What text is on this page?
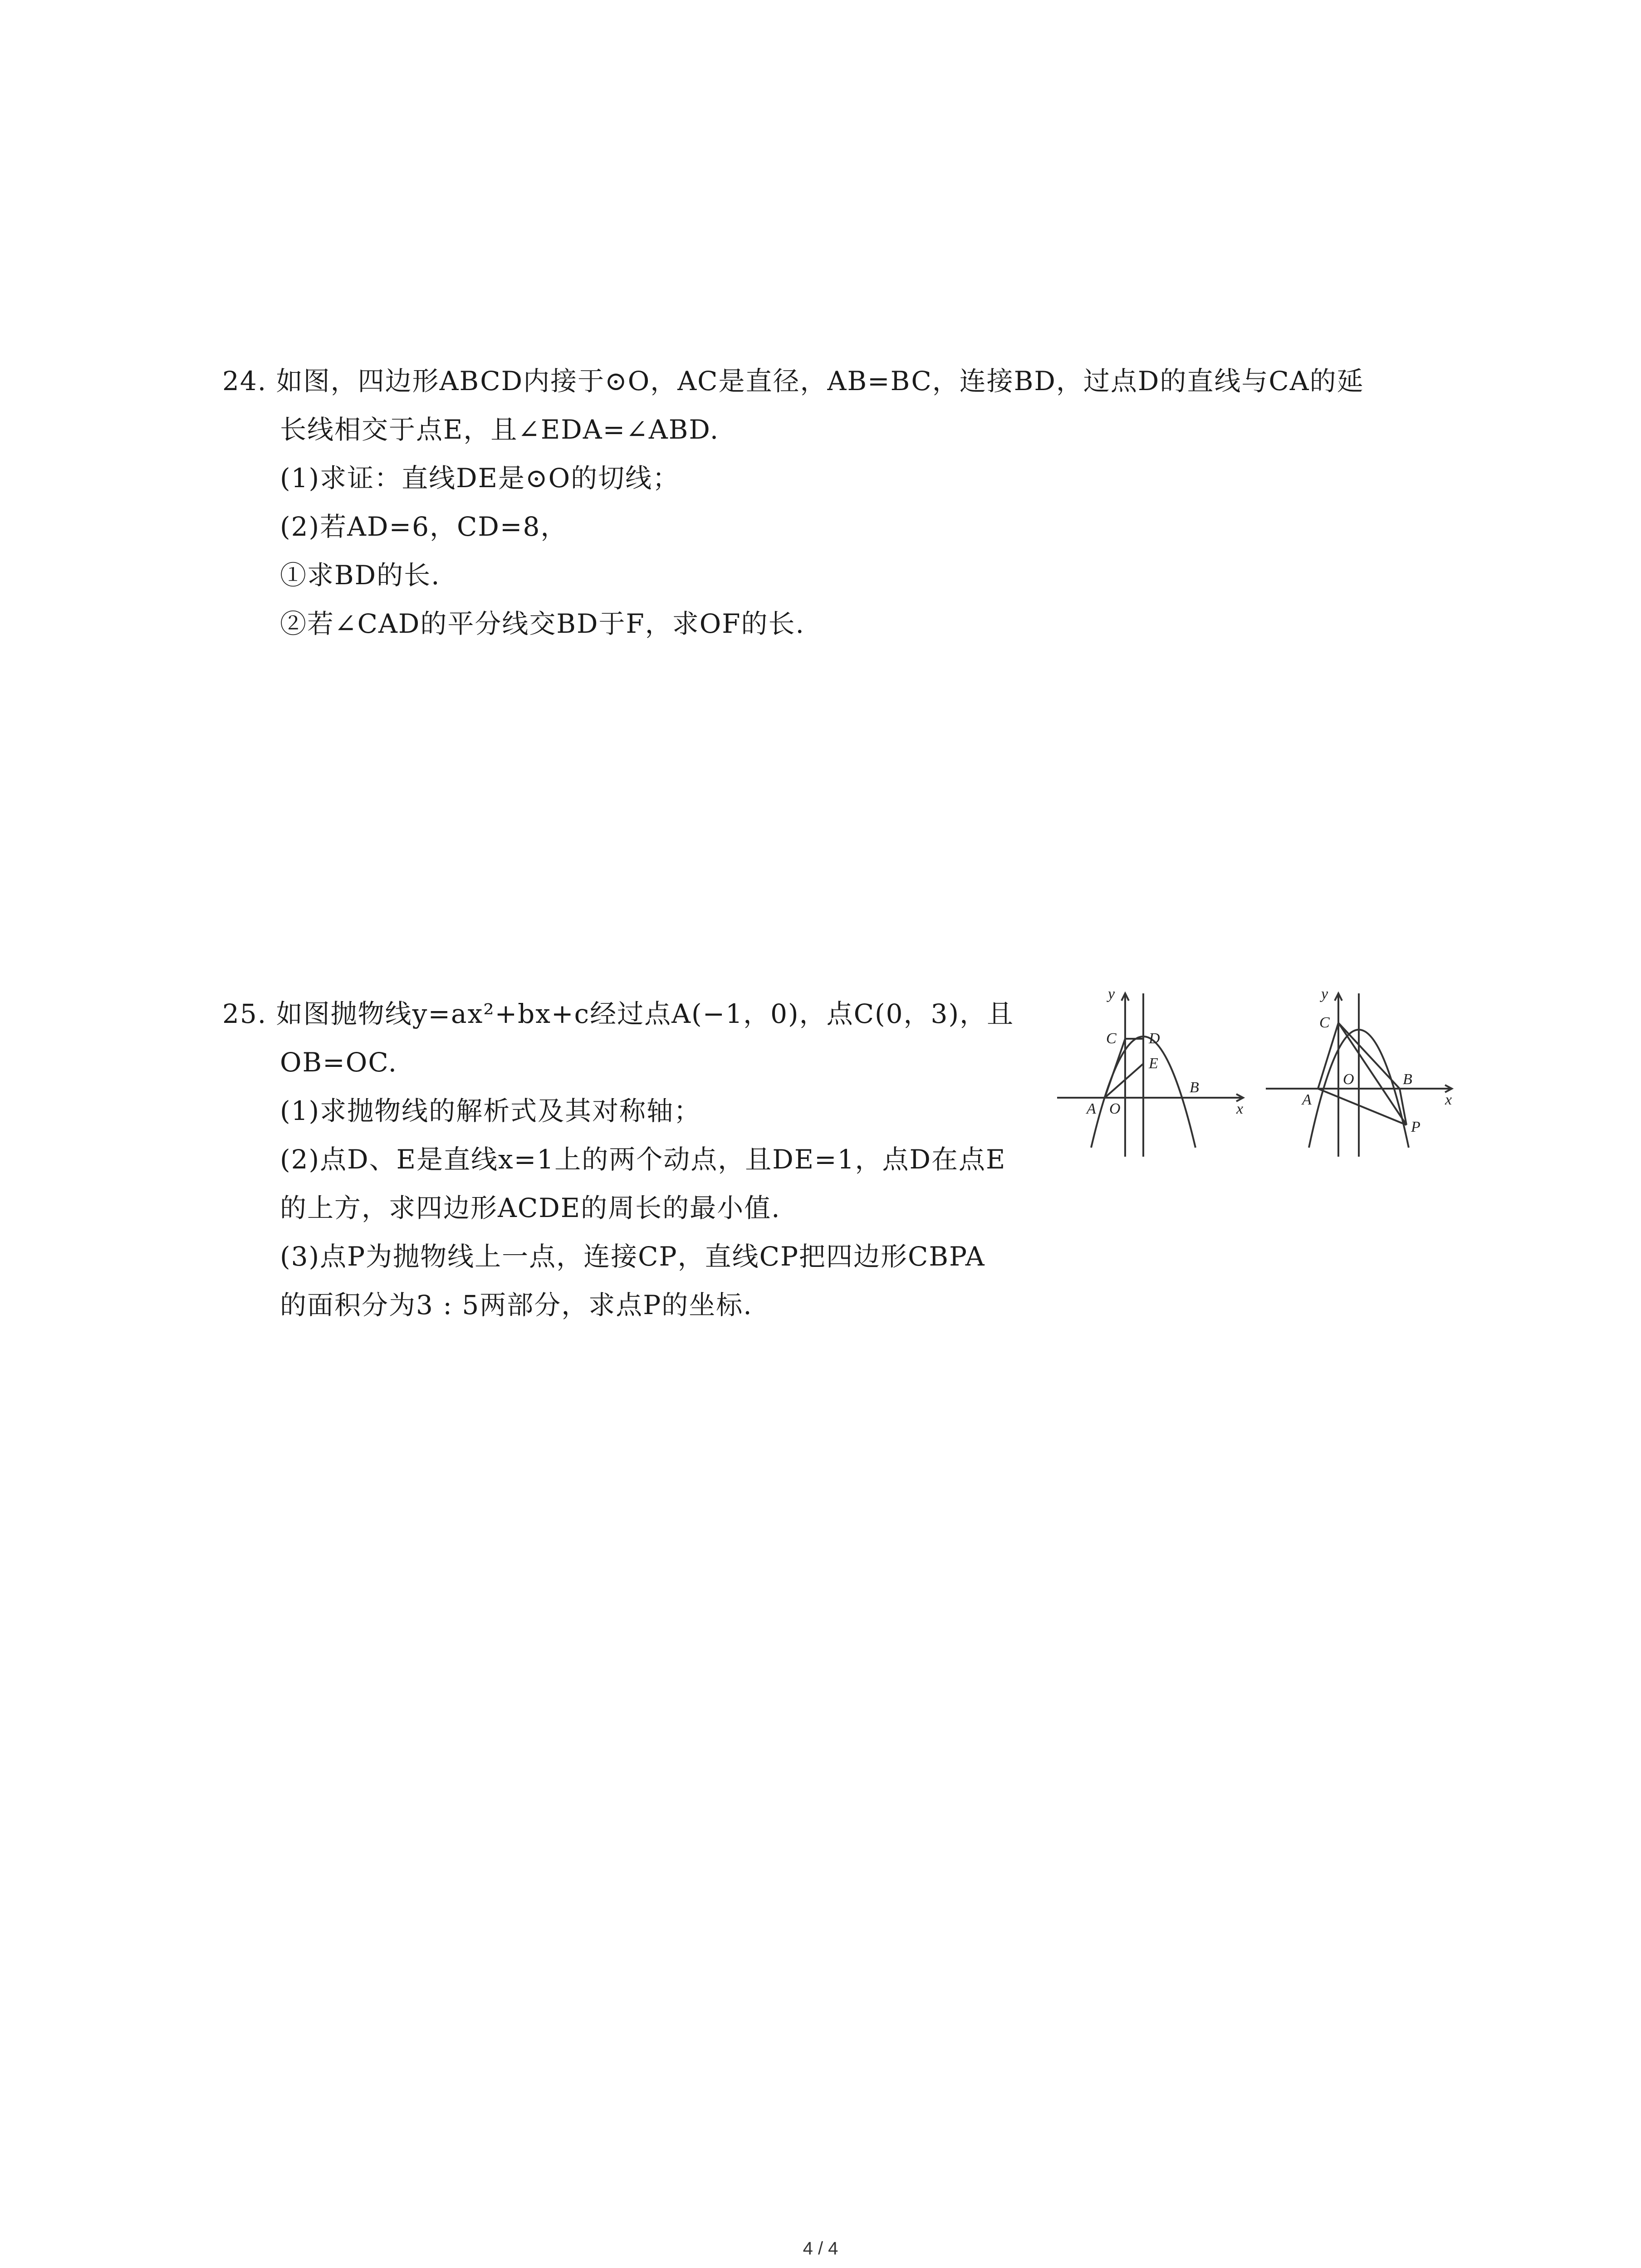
24. 如图，四边形ABCD内接于⊙O，AC是直径，AB=BC，连接BD，过点D的直线与CA的延
长线相交于点E，且∠EDA=∠ABD.
(1)求证：直线DE是⊙O的切线；
(2)若AD=6，CD=8，
①求BD的长.
②若∠CAD的平分线交BD于F，求OF的长.
25. 如图抛物线y=ax²+bx+c经过点A(−1，0)，点C(0，3)，且
OB=OC.
(1)求抛物线的解析式及其对称轴；
(2)点D、E是直线x=1上的两个动点，且DE=1，点D在点E
的上方，求四边形ACDE的周长的最小值.
(3)点P为抛物线上一点，连接CP，直线CP把四边形CBPA
的面积分为3 : 5两部分，求点P的坐标.
y
x
C D
E
A O
B
y
x
C
A
O	B
P
4 / 4
